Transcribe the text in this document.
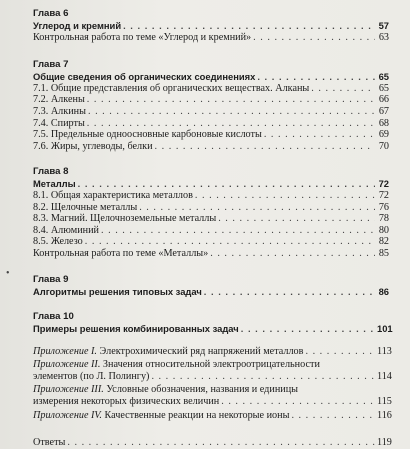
•
Глава 6
Углерод и кремний . . .	57
Контрольная работа по теме «Углерод и кремний» . . .	63
Глава 7
Общие сведения об органических соединениях . . .	65
7.1. Общие представления об органических веществах. Алканы . . .	65
7.2. Алкены . . .	66
7.3. Алкины . . .	67
7.4. Спирты . . .	68
7.5. Предельные одноосновные карбоновые кислоты . . .	69
7.6. Жиры, углеводы, белки . . .	70
Глава 8
Металлы . . .	72
8.1. Общая характеристика металлов . . .	72
8.2. Щелочные металлы . . .	76
8.3. Магний. Щелочноземельные металлы . . .	78
8.4. Алюминий . . .	80
8.5. Железо . . .	82
Контрольная работа по теме «Металлы» . . .	85
Глава 9
Алгоритмы решения типовых задач . . .	86
Глава 10
Примеры решения комбинированных задач . . .	101
Приложение I. Электрохимический ряд напряжений металлов . . .	113
Приложение II. Значения относительной электроотрицательности
элементов (по Л. Полингу) . . .	114
Приложение III. Условные обозначения, названия и единицы
измерения некоторых физических величин . . .	115
Приложение IV. Качественные реакции на некоторые ионы . . .	116
Ответы . . .	119
